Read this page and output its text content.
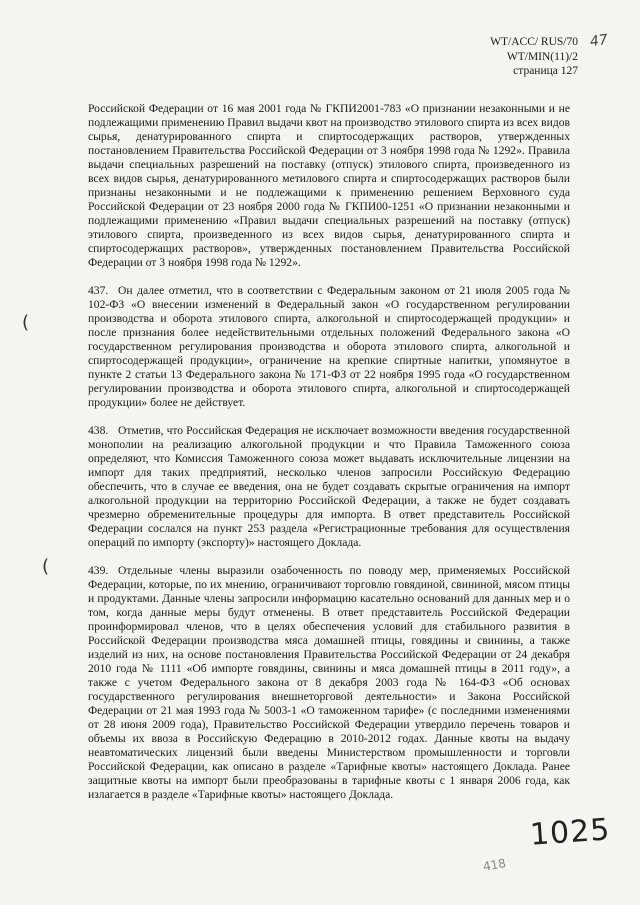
WT/ACC/ RUS/70
WT/MIN(11)/2
страница 127
47

Российской Федерации от 16 мая 2001 года № ГКПИ2001-783 «О признании незаконными и не подлежащими применению Правил выдачи квот на производство этилового спирта из всех видов сырья, денатурированного спирта и спиртосодержащих растворов, утвержденных постановлением Правительства Российской Федерации от 3 ноября 1998 года № 1292». Правила выдачи специальных разрешений на поставку (отпуск) этилового спирта, произведенного из всех видов сырья, денатурированного метилового спирта и спиртосодержащих растворов были признаны незаконными и не подлежащими к применению решением Верховного суда Российской Федерации от 23 ноября 2000 года № ГКПИ00-1251 «О признании незаконными и подлежащими применению «Правил выдачи специальных разрешений на поставку (отпуск) этилового спирта, произведенного из всех видов сырья, денатурированного спирта и спиртосодержащих растворов», утвержденных постановлением Правительства Российской Федерации от 3 ноября 1998 года № 1292».

437. Он далее отметил, что в соответствии с Федеральным законом от 21 июля 2005 года № 102-ФЗ «О внесении изменений в Федеральный закон «О государственном регулировании производства и оборота этилового спирта, алкогольной и спиртосодержащей продукции» и после признания более недействительными отдельных положений Федерального закона «О государственном регулирования производства и оборота этилового спирта, алкогольной и спиртосодержащей продукции», ограничение на крепкие спиртные напитки, упомянутое в пункте 2 статьи 13 Федерального закона № 171-ФЗ от 22 ноября 1995 года «О государственном регулировании производства и оборота этилового спирта, алкогольной и спиртосодержащей продукции» более не действует.

438. Отметив, что Российская Федерация не исключает возможности введения государственной монополии на реализацию алкогольной продукции и что Правила Таможенного союза определяют, что Комиссия Таможенного союза может выдавать исключительные лицензии на импорт для таких предприятий, несколько членов запросили Российскую Федерацию обеспечить, что в случае ее введения, она не будет создавать скрытые ограничения на импорт алкогольной продукции на территорию Российской Федерации, а также не будет создавать чрезмерно обременительные процедуры для импорта. В ответ представитель Российской Федерации сослался на пункт 253 раздела «Регистрационные требования для осуществления операций по импорту (экспорту)» настоящего Доклада.

439. Отдельные члены выразили озабоченность по поводу мер, применяемых Российской Федерации, которые, по их мнению, ограничивают торговлю говядиной, свининой, мясом птицы и продуктами. Данные члены запросили информацию касательно оснований для данных мер и о том, когда данные меры будут отменены. В ответ представитель Российской Федерации проинформировал членов, что в целях обеспечения условий для стабильного развития в Российской Федерации производства мяса домашней птицы, говядины и свинины, а также изделий из них, на основе постановления Правительства Российской Федерации от 24 декабря 2010 года № 1111 «Об импорте говядины, свинины и мяса домашней птицы в 2011 году», а также с учетом Федерального закона от 8 декабря 2003 года № 164-ФЗ «Об основах государственного регулирования внешнеторговой деятельности» и Закона Российской Федерации от 21 мая 1993 года № 5003-1 «О таможенном тарифе» (с последними изменениями от 28 июня 2009 года), Правительство Российской Федерации утвердило перечень товаров и объемы их ввоза в Российскую Федерацию в 2010-2012 годах. Данные квоты на выдачу неавтоматических лицензий были введены Министерством промышленности и торговли Российской Федерации, как описано в разделе «Тарифные квоты» настоящего Доклада. Ранее защитные квоты на импорт были преобразованы в тарифные квоты с 1 января 2006 года, как излагается в разделе «Тарифные квоты» настоящего Доклада.

(
(
1025
418
